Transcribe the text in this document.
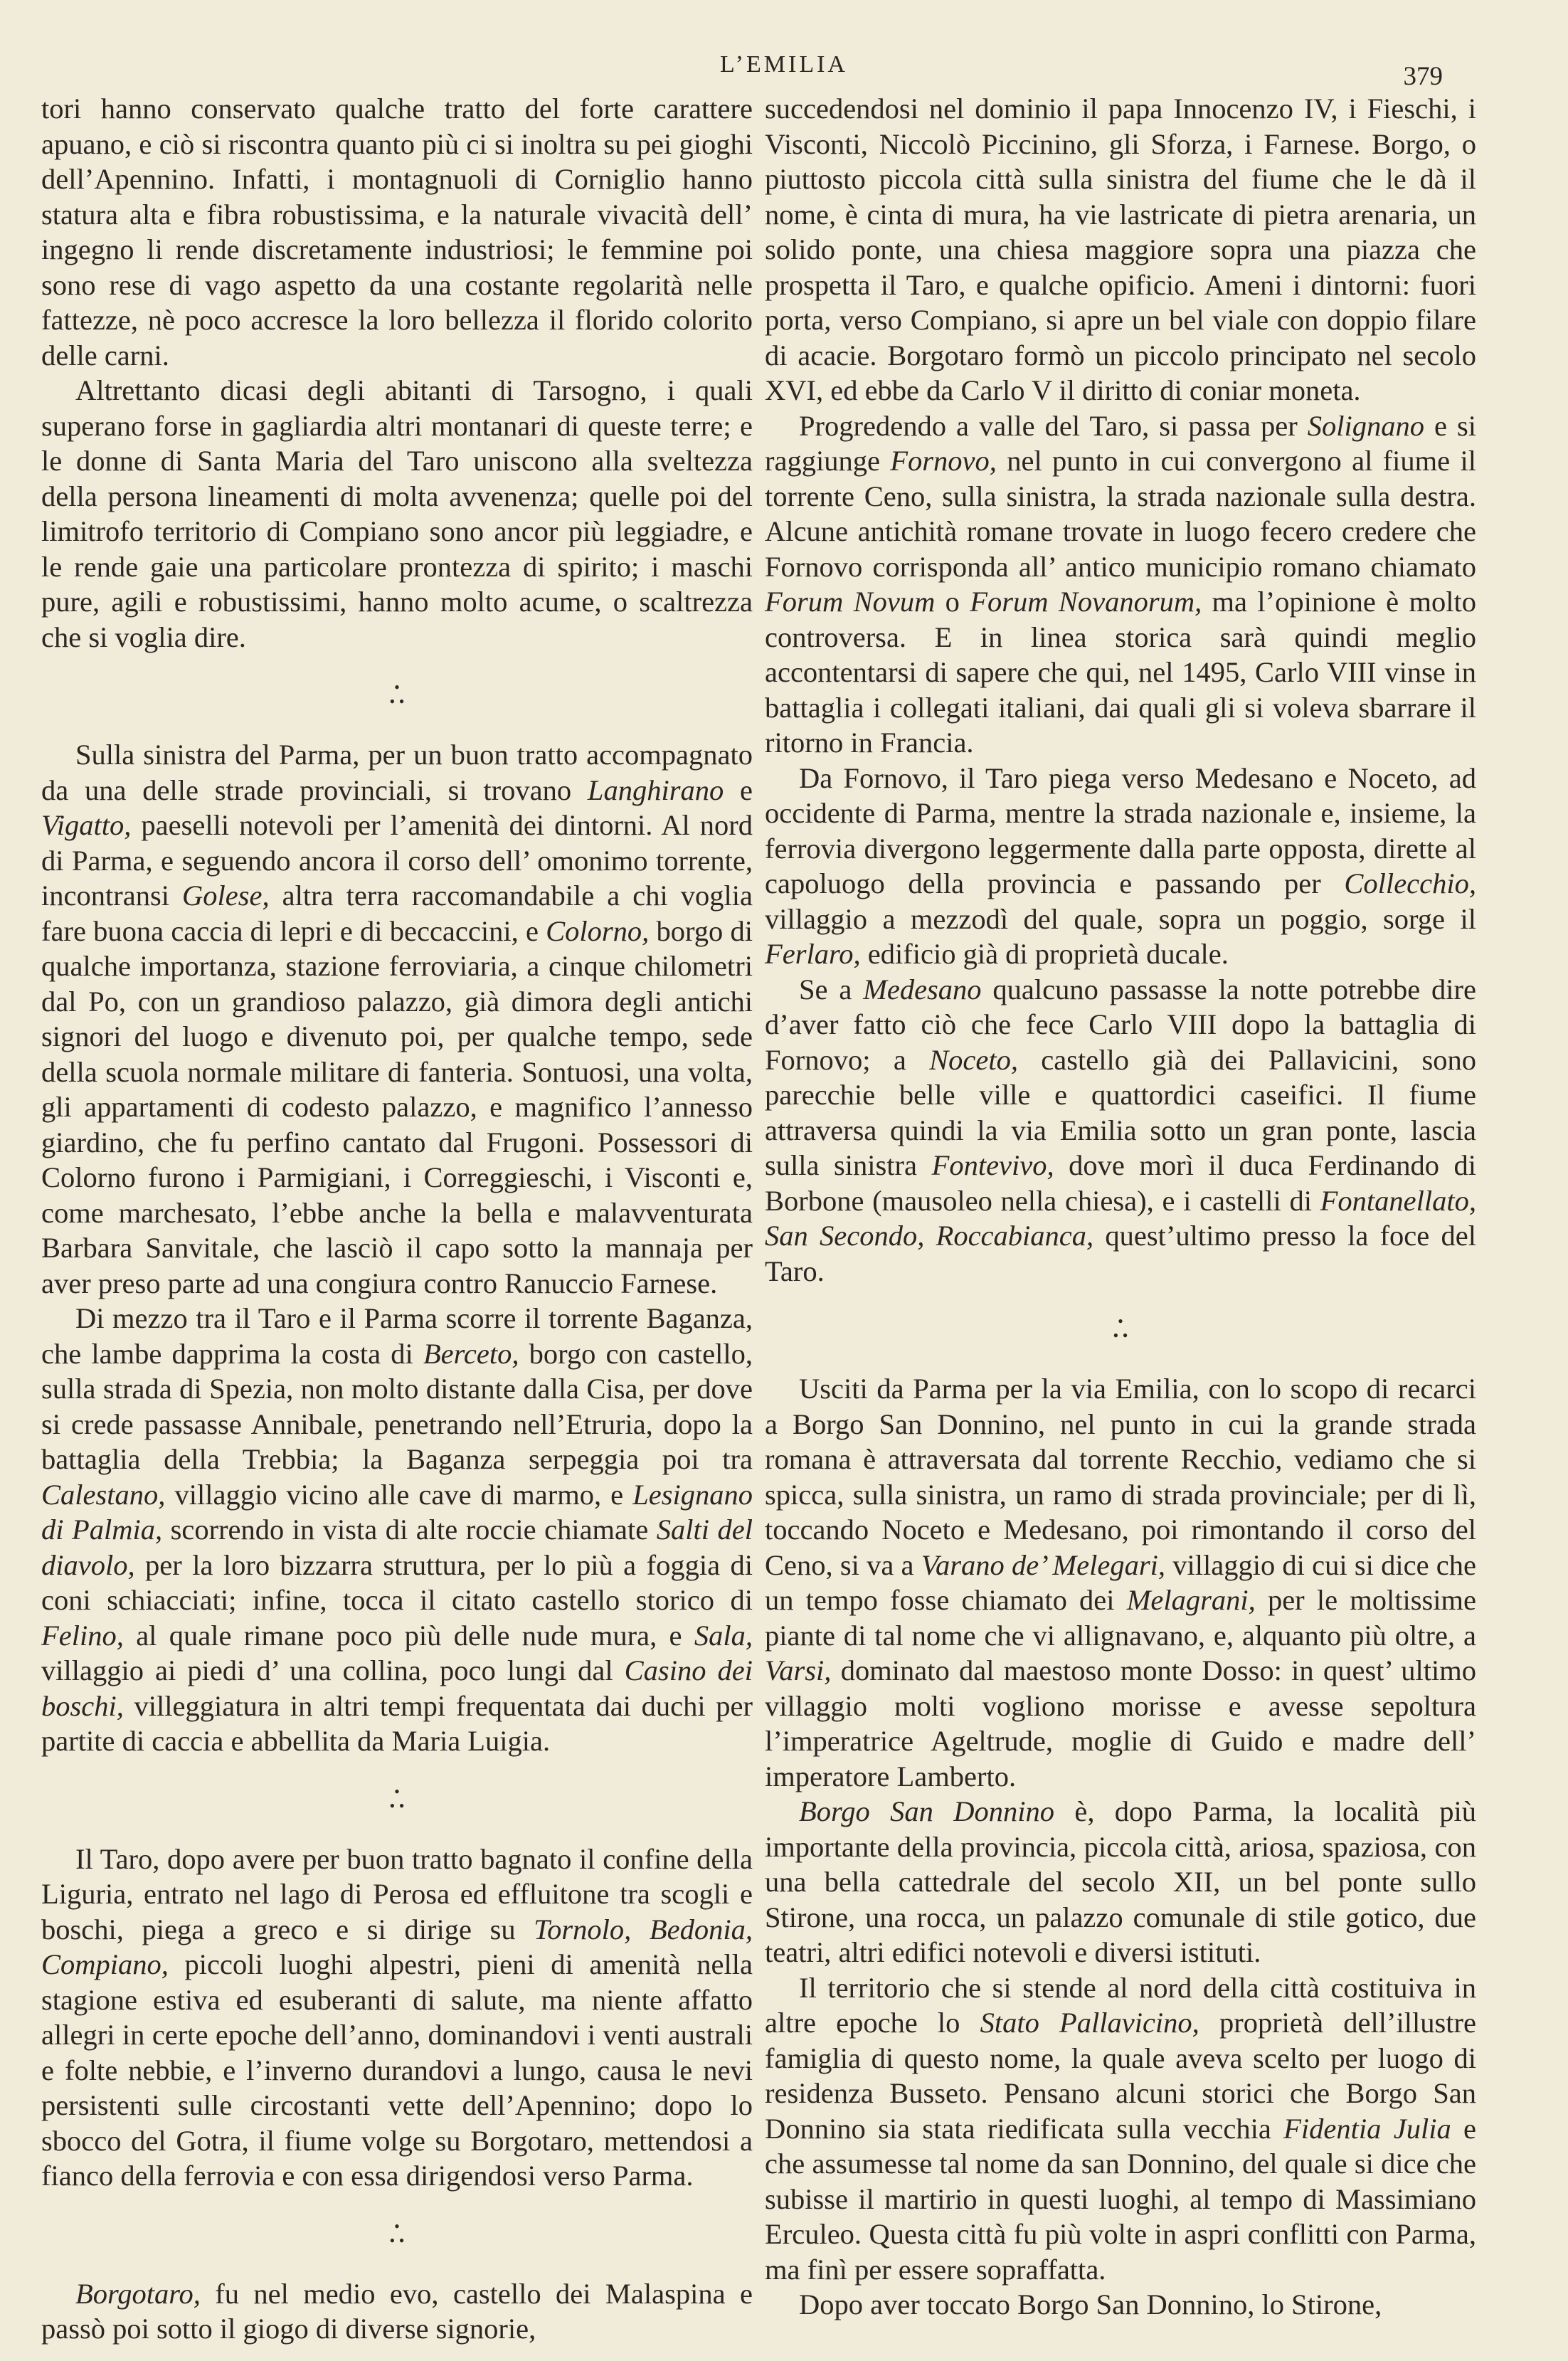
L’EMILIA	379

tori hanno conservato qualche tratto del forte carattere apuano, e ciò si riscontra quanto più ci si inoltra su pei gioghi dell’Apennino. Infatti, i montagnuoli di Corniglio hanno statura alta e fibra robustissima, e la naturale vivacità dell’ ingegno li rende discretamente industriosi; le femmine poi sono rese di vago aspetto da una costante regolarità nelle fattezze, nè poco accresce la loro bellezza il florido colorito delle carni.

Altrettanto dicasi degli abitanti di Tarsogno, i quali superano forse in gagliardia altri montanari di queste terre; e le donne di Santa Maria del Taro uniscono alla sveltezza della persona lineamenti di molta avvenenza; quelle poi del limitrofo territorio di Compiano sono ancor più leggiadre, e le rende gaie una particolare prontezza di spirito; i maschi pure, agili e robustissimi, hanno molto acume, o scaltrezza che si voglia dire.

•
• •

Sulla sinistra del Parma, per un buon tratto accompagnato da una delle strade provinciali, si trovano Langhirano e Vigatto, paeselli notevoli per l’amenità dei dintorni. Al nord di Parma, e seguendo ancora il corso dell’ omonimo torrente, incontransi Golese, altra terra raccomandabile a chi voglia fare buona caccia di lepri e di beccaccini, e Colorno, borgo di qualche importanza, stazione ferroviaria, a cinque chilometri dal Po, con un grandioso palazzo, già dimora degli antichi signori del luogo e divenuto poi, per qualche tempo, sede della scuola normale militare di fanteria. Sontuosi, una volta, gli appartamenti di codesto palazzo, e magnifico l’annesso giardino, che fu perfino cantato dal Frugoni. Possessori di Colorno furono i Parmigiani, i Correggieschi, i Visconti e, come marchesato, l’ebbe anche la bella e malavventurata Barbara Sanvitale, che lasciò il capo sotto la mannaja per aver preso parte ad una congiura contro Ranuccio Farnese.

Di mezzo tra il Taro e il Parma scorre il torrente Baganza, che lambe dapprima la costa di Berceto, borgo con castello, sulla strada di Spezia, non molto distante dalla Cisa, per dove si crede passasse Annibale, penetrando nell’Etruria, dopo la battaglia della Trebbia; la Baganza serpeggia poi tra Calestano, villaggio vicino alle cave di marmo, e Lesignano di Palmia, scorrendo in vista di alte roccie chiamate Salti del diavolo, per la loro bizzarra struttura, per lo più a foggia di coni schiacciati; infine, tocca il citato castello storico di Felino, al quale rimane poco più delle nude mura, e Sala, villaggio ai piedi d’ una collina, poco lungi dal Casino dei boschi, villeggiatura in altri tempi frequentata dai duchi per partite di caccia e abbellita da Maria Luigia.

•
• •

Il Taro, dopo avere per buon tratto bagnato il confine della Liguria, entrato nel lago di Perosa ed effluitone tra scogli e boschi, piega a greco e si dirige su Tornolo, Bedonia, Compiano, piccoli luoghi alpestri, pieni di amenità nella stagione estiva ed esuberanti di salute, ma niente affatto allegri in certe epoche dell’anno, dominandovi i venti australi e folte nebbie, e l’inverno durandovi a lungo, causa le nevi persistenti sulle circostanti vette dell’Apennino; dopo lo sbocco del Gotra, il fiume volge su Borgotaro, mettendosi a fianco della ferrovia e con essa dirigendosi verso Parma.

•
• •

Borgotaro, fu nel medio evo, castello dei Malaspina e passò poi sotto il giogo di diverse signorie,

succedendosi nel dominio il papa Innocenzo IV, i Fieschi, i Visconti, Niccolò Piccinino, gli Sforza, i Farnese. Borgo, o piuttosto piccola città sulla sinistra del fiume che le dà il nome, è cinta di mura, ha vie lastricate di pietra arenaria, un solido ponte, una chiesa maggiore sopra una piazza che prospetta il Taro, e qualche opificio. Ameni i dintorni: fuori porta, verso Compiano, si apre un bel viale con doppio filare di acacie. Borgotaro formò un piccolo principato nel secolo XVI, ed ebbe da Carlo V il diritto di coniar moneta.

Progredendo a valle del Taro, si passa per Solignano e si raggiunge Fornovo, nel punto in cui convergono al fiume il torrente Ceno, sulla sinistra, la strada nazionale sulla destra. Alcune antichità romane trovate in luogo fecero credere che Fornovo corrisponda all’ antico municipio romano chiamato Forum Novum o Forum Novanorum, ma l’opinione è molto controversa. E in linea storica sarà quindi meglio accontentarsi di sapere che qui, nel 1495, Carlo VIII vinse in battaglia i collegati italiani, dai quali gli si voleva sbarrare il ritorno in Francia.

Da Fornovo, il Taro piega verso Medesano e Noceto, ad occidente di Parma, mentre la strada nazionale e, insieme, la ferrovia divergono leggermente dalla parte opposta, dirette al capoluogo della provincia e passando per Collecchio, villaggio a mezzodì del quale, sopra un poggio, sorge il Ferlaro, edificio già di proprietà ducale.

Se a Medesano qualcuno passasse la notte potrebbe dire d’aver fatto ciò che fece Carlo VIII dopo la battaglia di Fornovo; a Noceto, castello già dei Pallavicini, sono parecchie belle ville e quattordici caseifici. Il fiume attraversa quindi la via Emilia sotto un gran ponte, lascia sulla sinistra Fontevivo, dove morì il duca Ferdinando di Borbone (mausoleo nella chiesa), e i castelli di Fontanellato, San Secondo, Roccabianca, quest’ultimo presso la foce del Taro.

•
• •

Usciti da Parma per la via Emilia, con lo scopo di recarci a Borgo San Donnino, nel punto in cui la grande strada romana è attraversata dal torrente Recchio, vediamo che si spicca, sulla sinistra, un ramo di strada provinciale; per di lì, toccando Noceto e Medesano, poi rimontando il corso del Ceno, si va a Varano de’ Melegari, villaggio di cui si dice che un tempo fosse chiamato dei Melagrani, per le moltissime piante di tal nome che vi allignavano, e, alquanto più oltre, a Varsi, dominato dal maestoso monte Dosso: in quest’ ultimo villaggio molti vogliono morisse e avesse sepoltura l’imperatrice Ageltrude, moglie di Guido e madre dell’ imperatore Lamberto.

Borgo San Donnino è, dopo Parma, la località più importante della provincia, piccola città, ariosa, spaziosa, con una bella cattedrale del secolo XII, un bel ponte sullo Stirone, una rocca, un palazzo comunale di stile gotico, due teatri, altri edifici notevoli e diversi istituti.

Il territorio che si stende al nord della città costituiva in altre epoche lo Stato Pallavicino, proprietà dell’illustre famiglia di questo nome, la quale aveva scelto per luogo di residenza Busseto. Pensano alcuni storici che Borgo San Donnino sia stata riedificata sulla vecchia Fidentia Julia e che assumesse tal nome da san Donnino, del quale si dice che subisse il martirio in questi luoghi, al tempo di Massimiano Erculeo. Questa città fu più volte in aspri conflitti con Parma, ma finì per essere sopraffatta.

Dopo aver toccato Borgo San Donnino, lo Stirone,
